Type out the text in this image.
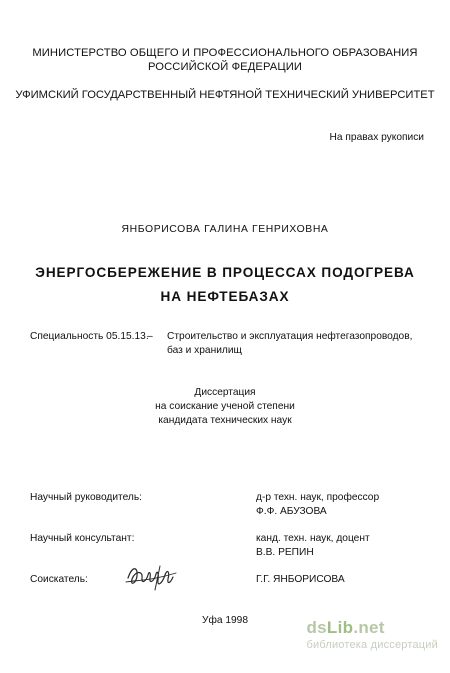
МИНИСТЕРСТВО ОБЩЕГО И ПРОФЕССИОНАЛЬНОГО ОБРАЗОВАНИЯ
РОССИЙСКОЙ ФЕДЕРАЦИИ
УФИМСКИЙ ГОСУДАРСТВЕННЫЙ НЕФТЯНОЙ ТЕХНИЧЕСКИЙ УНИВЕРСИТЕТ
На правах рукописи
ЯНБОРИСОВА ГАЛИНА ГЕНРИХОВНА
ЭНЕРГОСБЕРЕЖЕНИЕ В ПРОЦЕССАХ ПОДОГРЕВА
НА НЕФТЕБАЗАХ
Специальность 05.15.13.
– Строительство и эксплуатация нефтегазопроводов,
баз и хранилищ
Диссертация
на соискание ученой степени
кандидата технических наук
Научный руководитель:	д-р техн. наук, профессор
Ф.Ф. АБУЗОВА
Научный консультант:	канд. техн. наук, доцент
В.В. РЕПИН
Соискатель:	Г.Г. ЯНБОРИСОВА
Уфа 1998	dsLib.net
библиотека диссертаций
